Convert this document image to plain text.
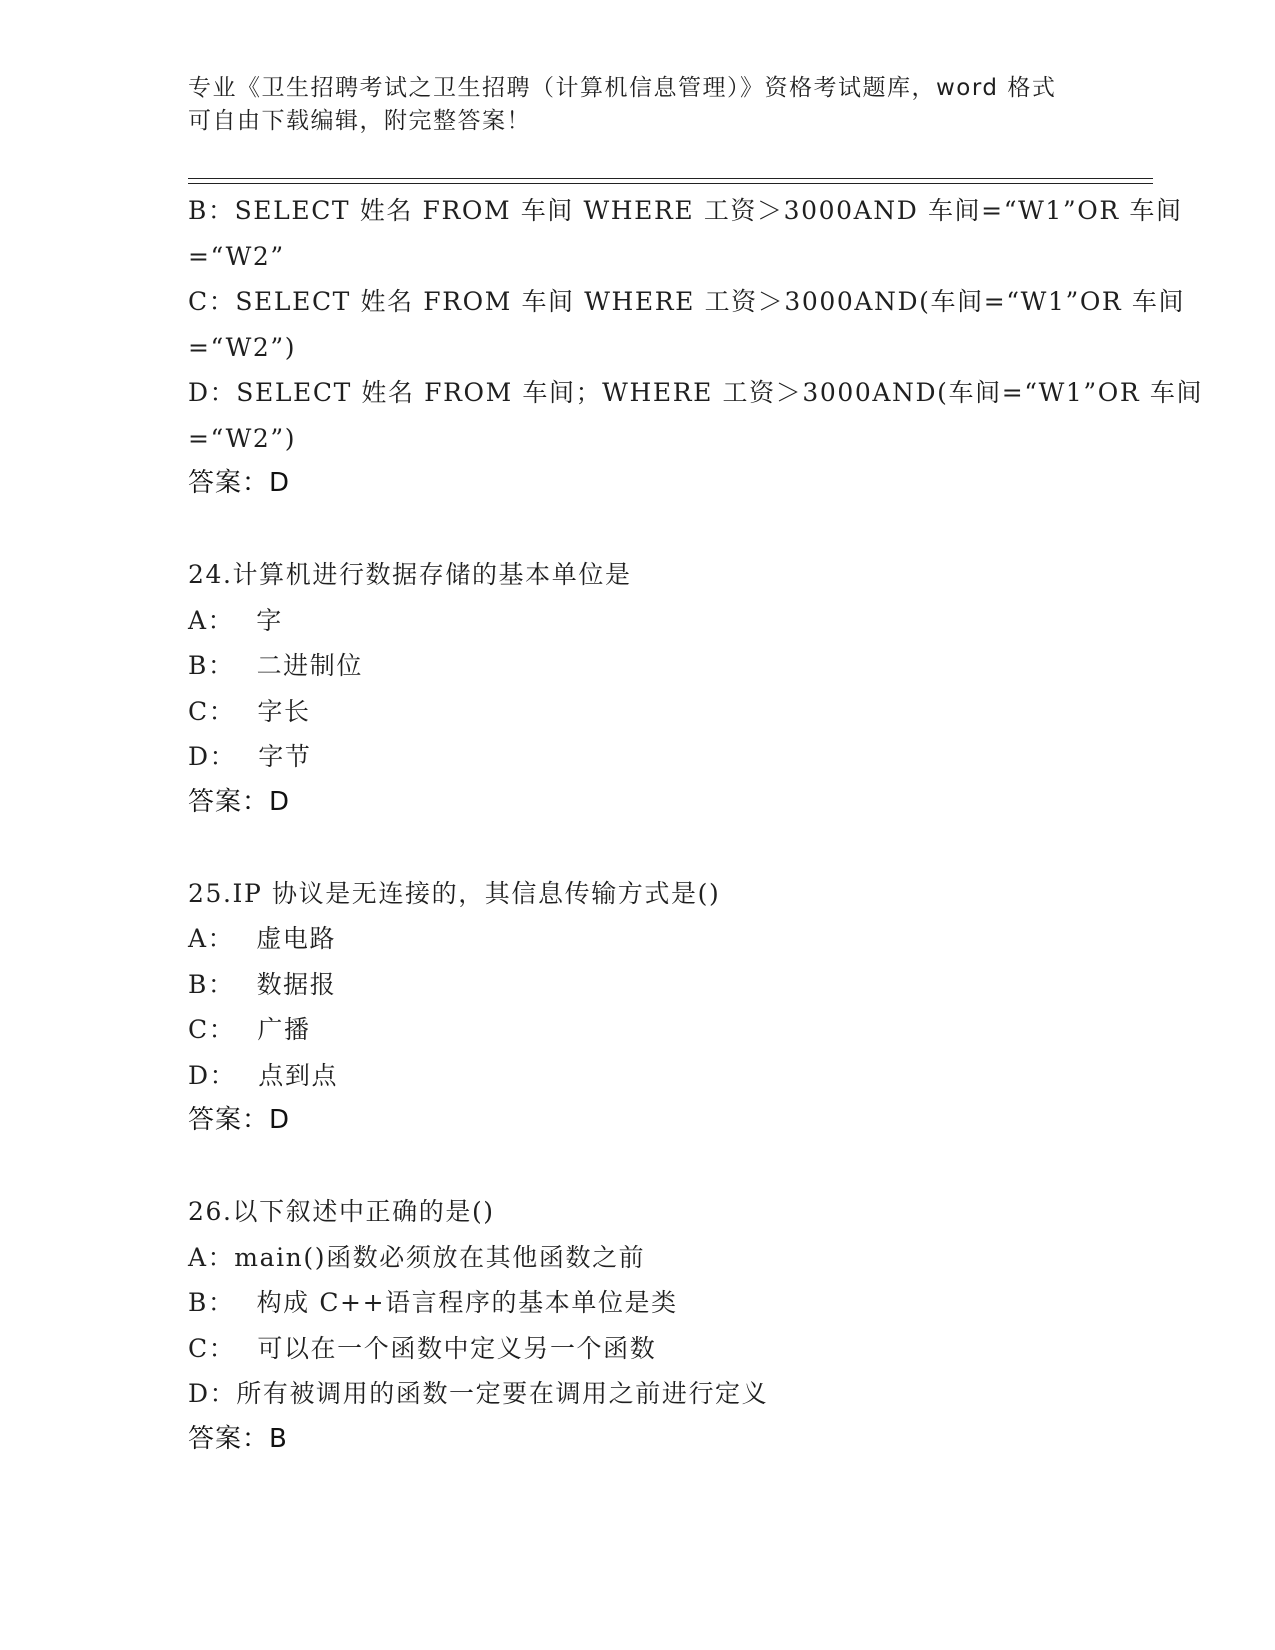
专业《卫生招聘考试之卫生招聘（计算机信息管理）》资格考试题库，word 格式
可自由下载编辑，附完整答案！
B：SELECT 姓名 FROM 车间 WHERE 工资＞3000AND 车间=“W1”OR 车间
=“W2”
C：SELECT 姓名 FROM 车间 WHERE 工资＞3000AND(车间=“W1”OR 车间
=“W2”)
D：SELECT 姓名 FROM 车间；WHERE 工资＞3000AND(车间=“W1”OR 车间
=“W2”)
答案：D
24.计算机进行数据存储的基本单位是
A： 字
B： 二进制位
C： 字长
D： 字节
答案：D
25.IP 协议是无连接的，其信息传输方式是()
A： 虚电路
B： 数据报
C： 广播
D： 点到点
答案：D
26.以下叙述中正确的是()
A：main()函数必须放在其他函数之前
B： 构成 C++语言程序的基本单位是类
C： 可以在一个函数中定义另一个函数
D：所有被调用的函数一定要在调用之前进行定义
答案：B
